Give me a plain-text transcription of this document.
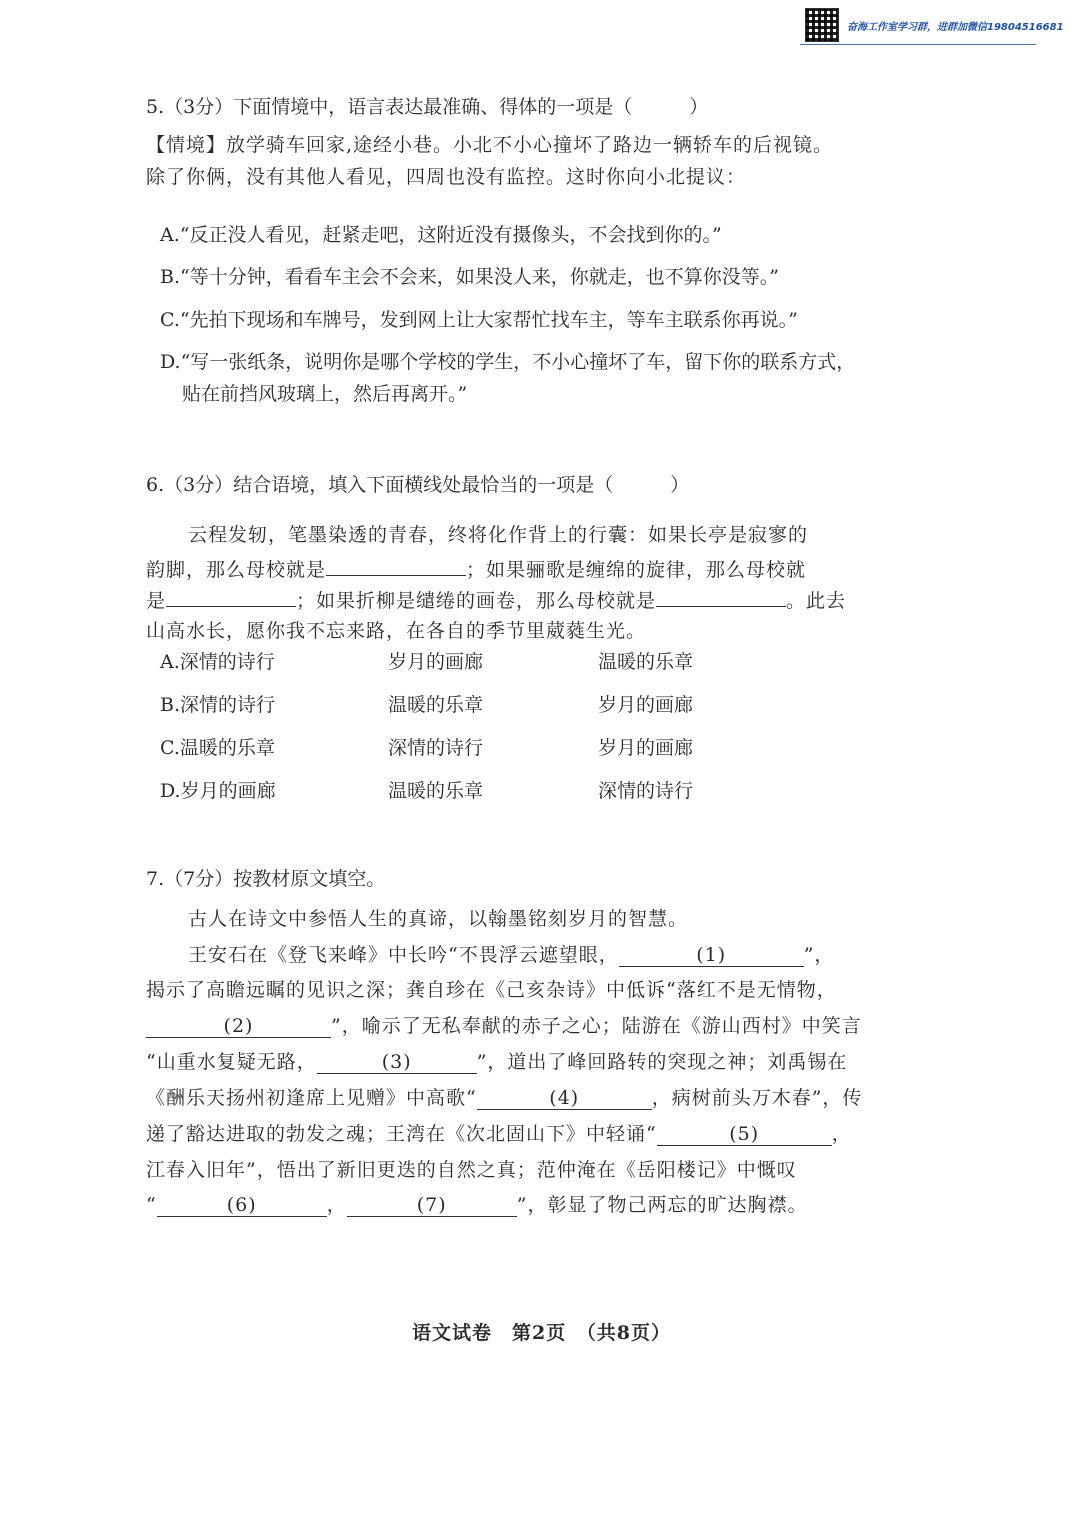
奋海工作室学习群，进群加微信19804516681
5.（3分）下面情境中，语言表达最准确、得体的一项是（　　　）
【情境】放学骑车回家,途经小巷。小北不小心撞坏了路边一辆轿车的后视镜。
除了你俩，没有其他人看见，四周也没有监控。这时你向小北提议：
A.“反正没人看见，赶紧走吧，这附近没有摄像头，不会找到你的。”
B.“等十分钟，看看车主会不会来，如果没人来，你就走，也不算你没等。”
C.“先拍下现场和车牌号，发到网上让大家帮忙找车主，等车主联系你再说。”
D.“写一张纸条，说明你是哪个学校的学生，不小心撞坏了车，留下你的联系方式，
贴在前挡风玻璃上，然后再离开。”
6.（3分）结合语境，填入下面横线处最恰当的一项是（　　　）
云程发轫，笔墨染透的青春，终将化作背上的行囊：如果长亭是寂寥的
韵脚，那么母校就是	；如果骊歌是缠绵的旋律，那么母校就
是	；如果折柳是缱绻的画卷，那么母校就是	。此去
山高水长，愿你我不忘来路，在各自的季节里葳蕤生光。
A.深情的诗行	岁月的画廊	温暖的乐章
B.深情的诗行	温暖的乐章	岁月的画廊
C.温暖的乐章	深情的诗行	岁月的画廊
D.岁月的画廊	温暖的乐章	深情的诗行
7.（7分）按教材原文填空。
古人在诗文中参悟人生的真谛，以翰墨铭刻岁月的智慧。
王安石在《登飞来峰》中长吟“不畏浮云遮望眼，	(1)	”，
揭示了高瞻远瞩的见识之深；龚自珍在《己亥杂诗》中低诉“落红不是无情物，
(2)	”，喻示了无私奉献的赤子之心；陆游在《游山西村》中笑言
“山重水复疑无路，	(3)	”，道出了峰回路转的突现之神；刘禹锡在
《酬乐天扬州初逢席上见赠》中高歌“	(4)	，病树前头万木春”，传
递了豁达进取的勃发之魂；王湾在《次北固山下》中轻诵“	(5)	，
江春入旧年”，悟出了新旧更迭的自然之真；范仲淹在《岳阳楼记》中慨叹
“	(6)	，	(7)	”，彰显了物己两忘的旷达胸襟。
语文试卷　第2页　（共8页）
